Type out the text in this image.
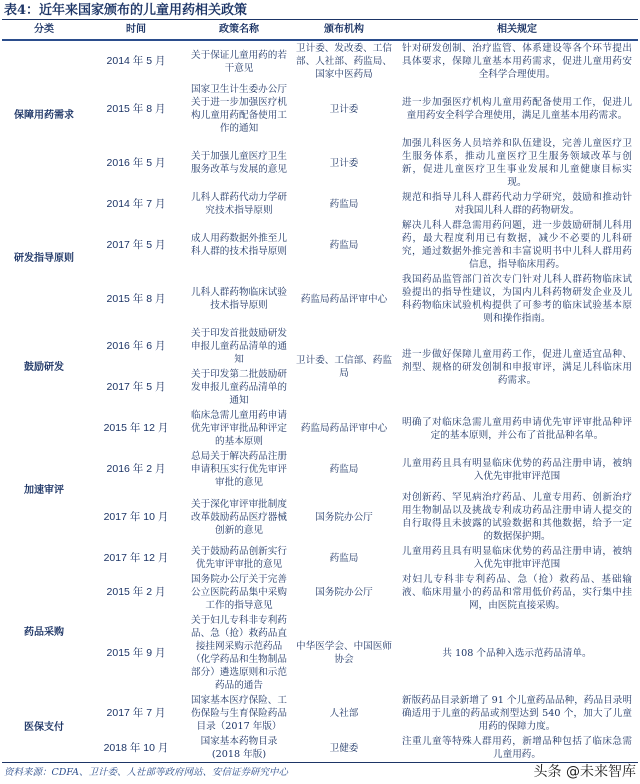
表4：近年来国家颁布的儿童用药相关政策
分类	时间	政策名称	颁布机构	相关规定
保障用药需求	2014 年 5 月	关于保证儿童用药的若干意见	卫计委、发改委、工信部、人社部、药监局、国家中医药局	针对研发创制、治疗监管、体系建设等各个环节提出具体要求，保障儿童基本用药需求，促进儿童用药安全科学合理使用。
	2015 年 8 月	国家卫生计生委办公厅关于进一步加强医疗机构儿童用药配备使用工作的通知	卫计委	进一步加强医疗机构儿童用药配备使用工作，促进儿童用药安全科学合理使用，满足儿童基本用药需求。
	2016 年 5 月	关于加强儿童医疗卫生服务改革与发展的意见	卫计委	加强儿科医务人员培养和队伍建设，完善儿童医疗卫生服务体系，推动儿童医疗卫生服务领域改革与创新，促进儿童医疗卫生事业发展和儿童健康目标实现。
研发指导原则	2014 年 7 月	儿科人群药代动力学研究技术指导原则	药监局	规范和指导儿科人群药代动力学研究，鼓励和推动针对我国儿科人群的药物研发。
	2017 年 5 月	成人用药数据外推至儿科人群的技术指导原则	药监局	解决儿科人群急需用药问题，进一步鼓励研制儿科用药，最大程度利用已有数据，减少不必要的儿科研究，通过数据外推完善和丰富说明书中儿科人群用药信息，指导临床用药。
	2015 年 8 月	儿科人群药物临床试验技术指导原则	药监局药品评审中心	我国药品监管部门首次专门针对儿科人群药物临床试验提出的指导性建议，为国内儿科药物研发企业及儿科药物临床试验机构提供了可参考的临床试验基本原则和操作指南。
鼓励研发	2016 年 6 月	关于印发首批鼓励研发申报儿童药品清单的通知	卫计委、工信部、药监局	进一步做好保障儿童用药工作，促进儿童适宜品种、剂型、规格的研发创制和申报审评，满足儿科临床用药需求。
	2017 年 5 月	关于印发第二批鼓励研发申报儿童药品清单的通知		
加速审评	2015 年 12 月	临床急需儿童用药申请优先审评审批品种评定的基本原则	药监局药品评审中心	明确了对临床急需儿童用药申请优先审评审批品种评定的基本原则，并公布了首批品种名单。
	2016 年 2 月	总局关于解决药品注册申请积压实行优先审评审批的意见	药监局	儿童用药且具有明显临床优势的药品注册申请，被纳入优先审批审评范围
	2017 年 10 月	关于深化审评审批制度改革鼓励药品医疗器械创新的意见	国务院办公厅	对创新药、罕见病治疗药品、儿童专用药、创新治疗用生物制品以及挑战专利成功药品注册申请人提交的自行取得且未披露的试验数据和其他数据，给予一定的数据保护期。
	2017 年 12 月	关于鼓励药品创新实行优先审评审批的意见	药监局	儿童用药且具有明显临床优势的药品注册申请，被纳入优先审批审评范围
药品采购	2015 年 2 月	国务院办公厅关于完善公立医院药品集中采购工作的指导意见	国务院办公厅	对妇儿专科非专利药品、急（抢）救药品、基础输液、临床用量小的药品和常用低价药品，实行集中挂网，由医院直接采购。
	2015 年 9 月	关于妇儿专科非专利药品、急（抢）救药品直接挂网采购示范药品（化学药品和生物制品部分）遴选原则和示范药品的通告	中华医学会、中国医师协会	共 108 个品种入选示范药品清单。
医保支付	2017 年 7 月	国家基本医疗保险、工伤保险与生育保险药品目录（2017 年版）	人社部	新版药品目录新增了 91 个儿童药品品种，药品目录明确适用于儿童的药品或剂型达到 540 个，加大了儿童用药的保障力度。
	2018 年 10 月	国家基本药物目录(2018 年版)	卫健委	注重儿童等特殊人群用药，新增品种包括了临床急需儿童用药。
资料来源：CDFA、卫计委、人社部等政府网站、安信证券研究中心	头条 @未来智库
